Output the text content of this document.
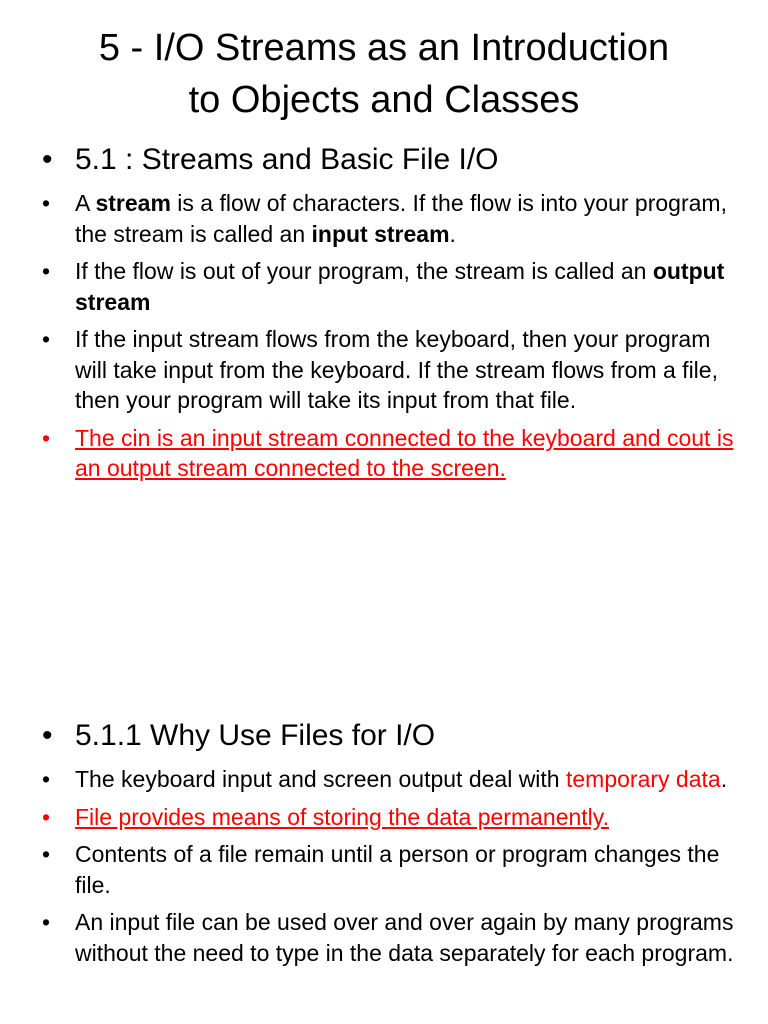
5 - I/O Streams as an Introduction
to Objects and Classes
• 5.1 : Streams and Basic File I/O
• A stream is a flow of characters. If the flow is into your program, the stream is called an input stream.
• If the flow is out of your program, the stream is called an output stream
• If the input stream flows from the keyboard, then your program will take input from the keyboard. If the stream flows from a file, then your program will take its input from that file.
• The cin is an input stream connected to the keyboard and cout is an output stream connected to the screen.
• 5.1.1 Why Use Files for I/O
• The keyboard input and screen output deal with temporary data.
• File provides means of storing the data permanently.
• Contents of a file remain until a person or program changes the file.
• An input file can be used over and over again by many programs without the need to type in the data separately for each program.
